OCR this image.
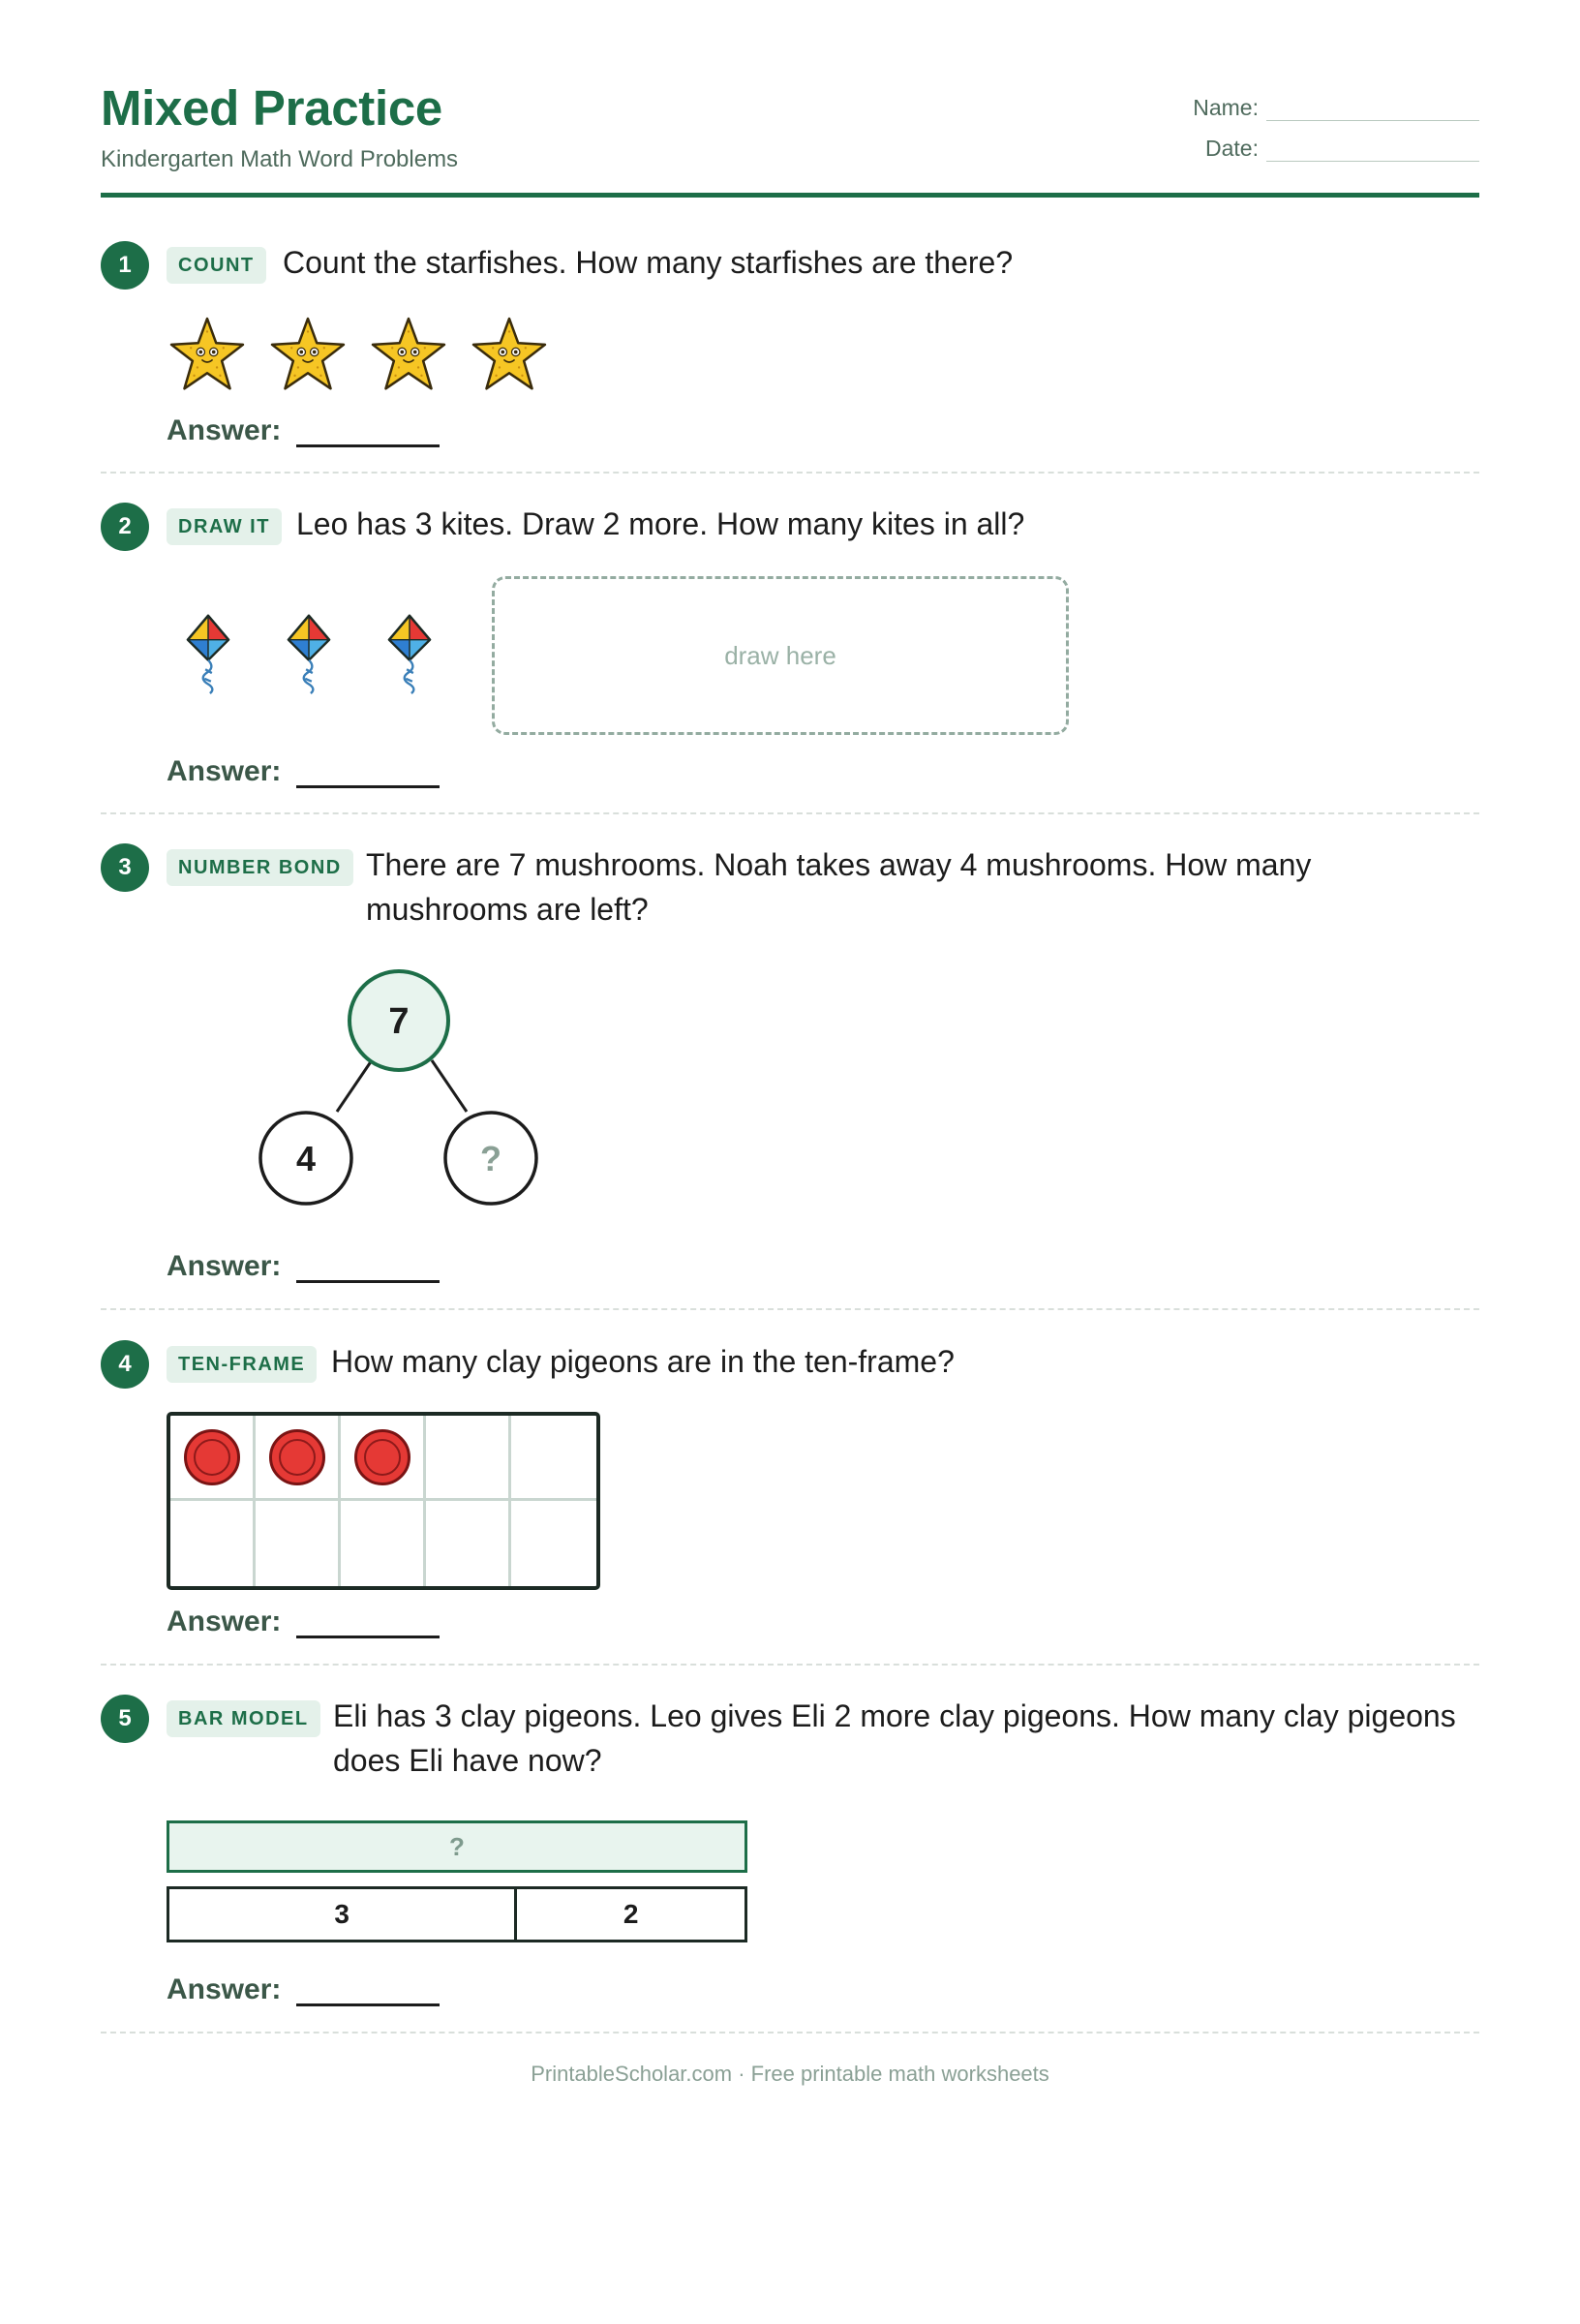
Mixed Practice
Kindergarten Math Word Problems
Name:
Date:
1	COUNT Count the starfishes. How many starfishes are there?
Answer:
2	DRAW IT Leo has 3 kites. Draw 2 more. How many kites in all?
draw here
Answer:
3	NUMBER BOND There are 7 mushrooms. Noah takes away 4 mushrooms. How many mushrooms are left?
7
4	?
Answer:
4	TEN-FRAME How many clay pigeons are in the ten-frame?
Answer:
5	BAR MODEL Eli has 3 clay pigeons. Leo gives Eli 2 more clay pigeons. How many clay pigeons does Eli have now?
?
3	2
Answer:
PrintableScholar.com · Free printable math worksheets
